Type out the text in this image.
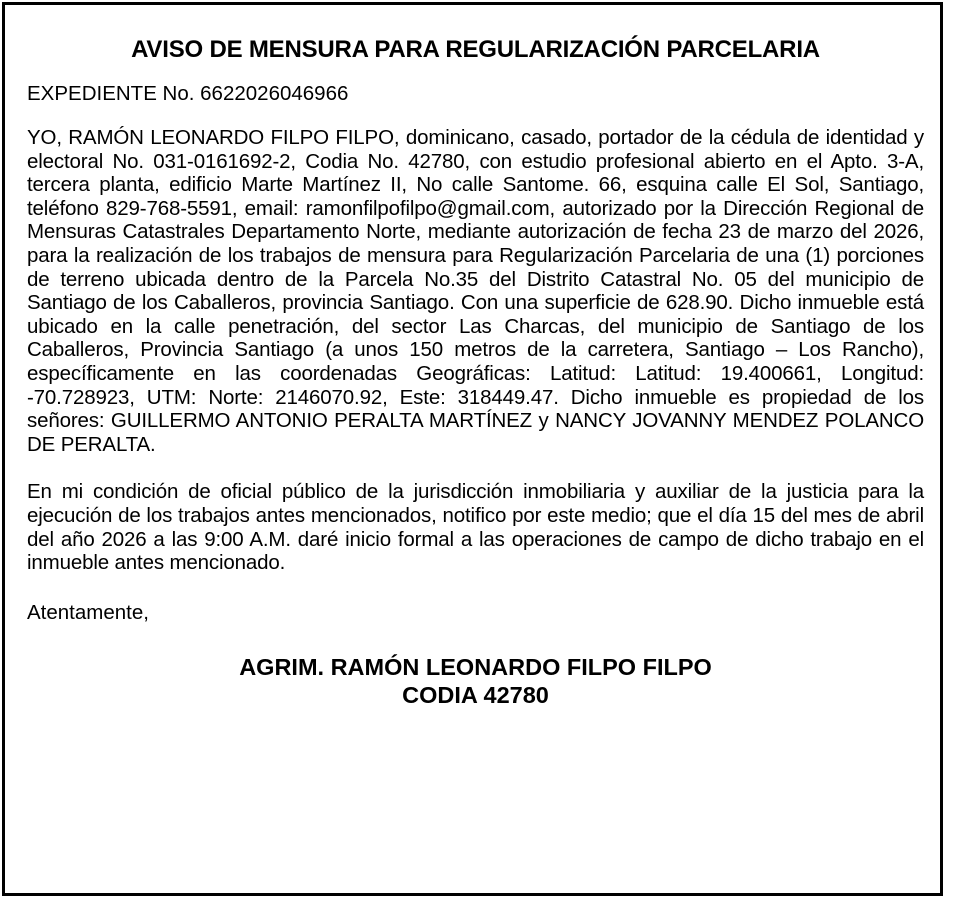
AVISO DE MENSURA PARA REGULARIZACIÓN PARCELARIA
EXPEDIENTE No. 6622026046966

YO, RAMÓN LEONARDO FILPO FILPO, dominicano, casado, portador de la cédula de identidad y electoral No. 031-0161692-2, Codia No. 42780, con estudio profesional abierto en el Apto. 3-A, tercera planta, edificio Marte Martínez II, No calle Santome. 66, esquina calle El Sol, Santiago, teléfono 829-768-5591, email: ramonfilpofilpo@gmail.com, autorizado por la Dirección Regional de Mensuras Catastrales Departamento Norte, mediante autorización de fecha 23 de marzo del 2026, para la realización de los trabajos de mensura para Regularización Parcelaria de una (1) porciones de terreno ubicada dentro de la Parcela No.35 del Distrito Catastral No. 05 del municipio de Santiago de los Caballeros, provincia Santiago. Con una superficie de 628.90. Dicho inmueble está ubicado en la calle penetración, del sector Las Charcas, del municipio de Santiago de los Caballeros, Provincia Santiago (a unos 150 metros de la carretera, Santiago – Los Rancho), específicamente en las coordenadas Geográficas: Latitud: Latitud: 19.400661, Longitud: -70.728923, UTM: Norte: 2146070.92, Este: 318449.47. Dicho inmueble es propiedad de los señores: GUILLERMO ANTONIO PERALTA MARTÍNEZ y NANCY JOVANNY MENDEZ POLANCO DE PERALTA.

En mi condición de oficial público de la jurisdicción inmobiliaria y auxiliar de la justicia para la ejecución de los trabajos antes mencionados, notifico por este medio; que el día 15 del mes de abril del año 2026 a las 9:00 A.M. daré inicio formal a las operaciones de campo de dicho trabajo en el inmueble antes mencionado.

Atentamente,
AGRIM. RAMÓN LEONARDO FILPO FILPO
CODIA 42780
